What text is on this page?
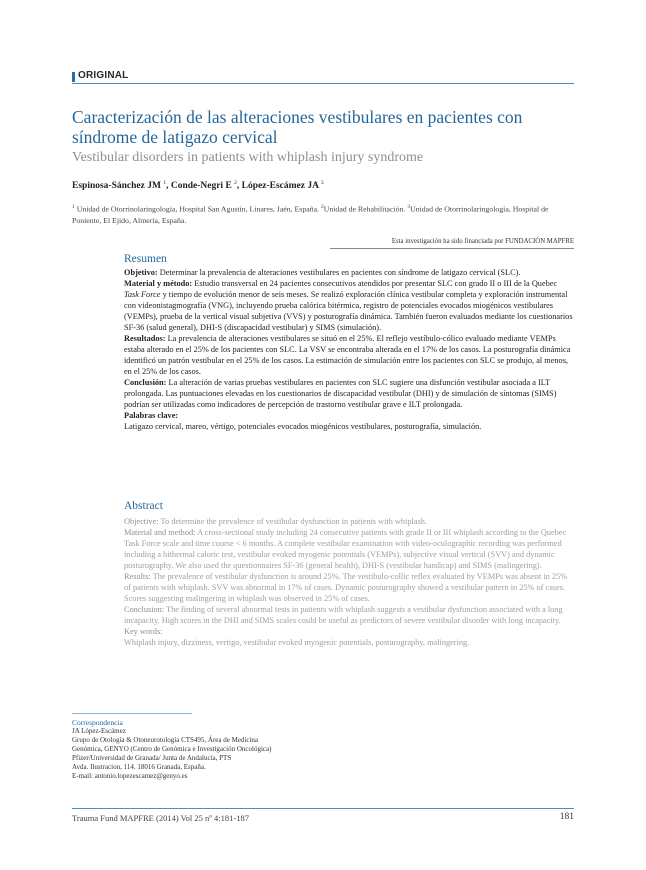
ORIGINAL
Caracterización de las alteraciones vestibulares en pacientes con síndrome de latigazo cervical
Vestibular disorders in patients with whiplash injury syndrome
Espinosa-Sánchez JM $^1$, Conde-Negri E $^2$, López-Escámez JA $^3$
$^1$ Unidad de Otorrinolaringología, Hospital San Agustín, Linares, Jaén, España. $^2$Unidad de Rehabilitación. $^3$Unidad de Otorrinolaringología, Hospital de Poniente, El Ejido, Almería, España.
Esta investigación ha sido financiada por FUNDACIÓN MAPFRE
Resumen

Objetivo: Determinar la prevalencia de alteraciones vestibulares en pacientes con síndrome de latigazo cervical (SLC).

Material y método: Estudio transversal en 24 pacientes consecutivos atendidos por presentar SLC con grado II o III de la Quebec Task Force y tiempo de evolución menor de seis meses. Se realizó exploración clínica vestibular completa y exploración instrumental con videonistagmografía (VNG), incluyendo prueba calórica bitérmica, registro de potenciales evocados miogénicos vestibulares (VEMPs), prueba de la vertical visual subjetiva (VVS) y posturografía dinámica. También fueron evaluados mediante los cuestionarios SF-36 (salud general), DHI-S (discapacidad vestibular) y SIMS (simulación).

Resultados: La prevalencia de alteraciones vestibulares se situó en el 25%. El reflejo vestíbulo-cólico evaluado mediante VEMPs estaba alterado en el 25% de los pacientes con SLC. La VSV se encontraba alterada en el 17% de los casos. La posturografía dinámica identificó un patrón vestibular en el 25% de los casos. La estimación de simulación entre los pacientes con SLC se produjo, al menos, en el 25% de los casos.

Conclusión: La alteración de varias pruebas vestibulares en pacientes con SLC sugiere una disfunción vestibular asociada a ILT prolongada. Las puntuaciones elevadas en los cuestionarios de discapacidad vestibular (DHI) y de simulación de síntomas (SIMS) podrían ser utilizadas como indicadores de percepción de trastorno vestibular grave e ILT prolongada.

Palabras clave:

Latigazo cervical, mareo, vértigo, potenciales evocados miogénicos vestibulares, posturografía, simulación.

Abstract

Objective: To determine the prevalence of vestibular dysfunction in patients with whiplash.

Material and method: A cross-sectional study including 24 consecutive patients with grade II or III whiplash according to the Quebec Task Force scale and time course < 6 months. A complete vestibular examination with video-oculographic recording was performed including a bithermal caloric test, vestibular evoked myogenic potentials (VEMPs), subjective visual vertical (SVV) and dynamic posturography. We also used the questionnaires SF-36 (general health), DHI-S (vestibular handicap) and SIMS (malingering).

Results: The prevalence of vestibular dysfunction is around 25%. The vestibulo-collic reflex evaluated by VEMPs was absent in 25% of patients with whiplash. SVV was abnormal in 17% of cases. Dynamic posturography showed a vestibular pattern in 25% of cases. Scores suggesting malingering in whiplash was observed in 25% of cases.

Conclusion: The finding of several abnormal tests in patients with whiplash suggests a vestibular dysfunction associated with a long incapacity. High scores in the DHI and SIMS scales could be useful as predictors of severe vestibular disorder with long incapacity.

Key words:

Whiplash injury, dizziness, vertigo, vestibular evoked myogenic potentials, posturography, malingering.

Correspondencia
JA López-Escámez
Grupo de Otología & Otoneurotología CTS495, Área de Medicina
Genómica, GENYO (Centro de Genómica e Investigación Oncológica)
Pfizer/Universidad de Granada/ Junta de Andalucía, PTS
Avda. Ilustracion, 114. 18016 Granada, España.
E-mail: antonio.lopezescamez@genyo.es
Trauma Fund MAPFRE (2014) Vol 25 nº 4:181-187	181
